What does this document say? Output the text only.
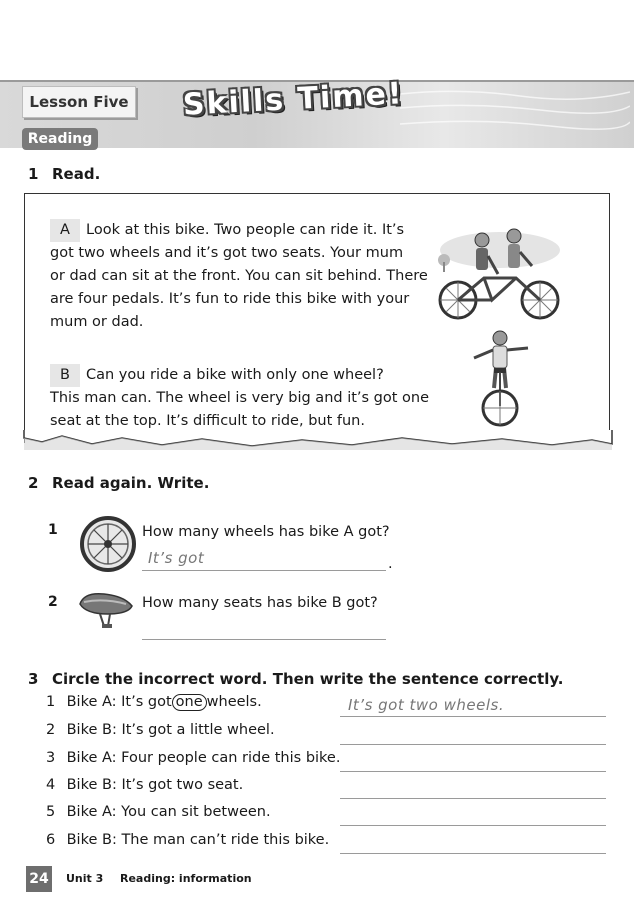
Lesson Five Skills Time!
Reading
1 Read.
A Look at this bike. Two people can ride it. It’s
got two wheels and it’s got two seats. Your mum
or dad can sit at the front. You can sit behind. There
are four pedals. It’s fun to ride this bike with your
mum or dad.
B Can you ride a bike with only one wheel?
This man can. The wheel is very big and it’s got one
seat at the top. It’s difficult to ride, but fun.
2 Read again. Write.
1	How many wheels has bike A got?
It’s got	.
2	How many seats has bike B got?
3 Circle the incorrect word. Then write the sentence correctly.
1 Bike A: It’s got one wheels.	It’s got two wheels.
2 Bike B: It’s got a little wheel.
3 Bike A: Four people can ride this bike.
4 Bike B: It’s got two seat.
5 Bike A: You can sit between.
6 Bike B: The man can’t ride this bike.
24 Unit 3 Reading: information
